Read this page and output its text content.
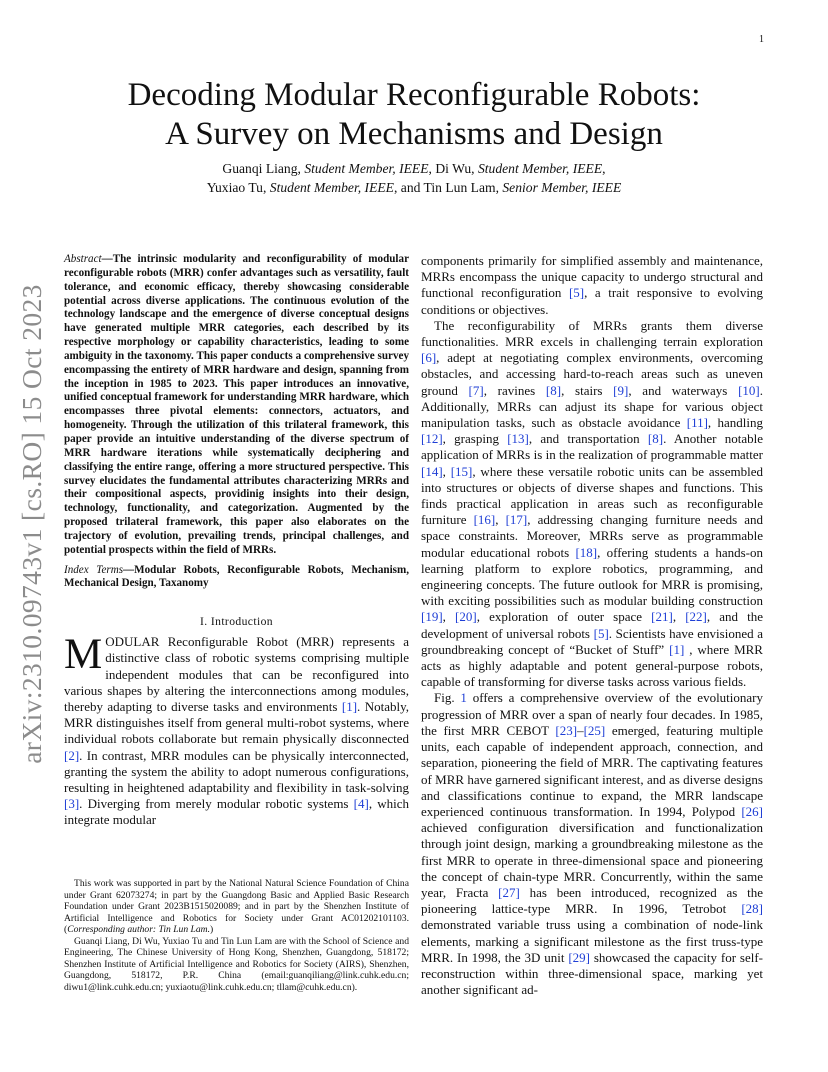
1
arXiv:2310.09743v1 [cs.RO] 15 Oct 2023
Decoding Modular Reconfigurable Robots:
A Survey on Mechanisms and Design
Guanqi Liang, Student Member, IEEE, Di Wu, Student Member, IEEE,
Yuxiao Tu, Student Member, IEEE, and Tin Lun Lam, Senior Member, IEEE

Abstract—The intrinsic modularity and reconfigurability of modular reconfigurable robots (MRR) confer advantages such as versatility, fault tolerance, and economic efficacy, thereby showcasing considerable potential across diverse applications. The continuous evolution of the technology landscape and the emergence of diverse conceptual designs have generated multiple MRR categories, each described by its respective morphology or capability characteristics, leading to some ambiguity in the taxonomy. This paper conducts a comprehensive survey encompassing the entirety of MRR hardware and design, spanning from the inception in 1985 to 2023. This paper introduces an innovative, unified conceptual framework for understanding MRR hardware, which encompasses three pivotal elements: connectors, actuators, and homogeneity. Through the utilization of this trilateral framework, this paper provide an intuitive understanding of the diverse spectrum of MRR hardware iterations while systematically deciphering and classifying the entire range, offering a more structured perspective. This survey elucidates the fundamental attributes characterizing MRRs and their compositional aspects, providinig insights into their design, technology, functionality, and categorization. Augmented by the proposed trilateral framework, this paper also elaborates on the trajectory of evolution, prevailing trends, principal challenges, and potential prospects within the field of MRRs.

Index Terms—Modular Robots, Reconfigurable Robots, Mechanism, Mechanical Design, Taxanomy

I. Introduction

MODULAR Reconfigurable Robot (MRR) represents a distinctive class of robotic systems comprising multiple independent modules that can be reconfigured into various shapes by altering the interconnections among modules, thereby adapting to diverse tasks and environments [1]. Notably, MRR distinguishes itself from general multi-robot systems, where individual robots collaborate but remain physically disconnected [2]. In contrast, MRR modules can be physically interconnected, granting the system the ability to adopt numerous configurations, resulting in heightened adaptability and flexibility in task-solving [3]. Diverging from merely modular robotic systems [4], which integrate modular

This work was supported in part by the National Natural Science Foundation of China under Grant 62073274; in part by the Guangdong Basic and Applied Basic Research Foundation under Grant 2023B1515020089; and in part by the Shenzhen Institute of Artificial Intelligence and Robotics for Society under Grant AC01202101103. (Corresponding author: Tin Lun Lam.)

Guanqi Liang, Di Wu, Yuxiao Tu and Tin Lun Lam are with the School of Science and Engineering, The Chinese University of Hong Kong, Shenzhen, Guangdong, 518172; Shenzhen Institute of Artificial Intelligence and Robotics for Society (AIRS), Shenzhen, Guangdong, 518172, P.R. China (email:guanqiliang@link.cuhk.edu.cn; diwu1@link.cuhk.edu.cn; yuxiaotu@link.cuhk.edu.cn; tllam@cuhk.edu.cn).

components primarily for simplified assembly and maintenance, MRRs encompass the unique capacity to undergo structural and functional reconfiguration [5], a trait responsive to evolving conditions or objectives.

The reconfigurability of MRRs grants them diverse functionalities. MRR excels in challenging terrain exploration [6], adept at negotiating complex environments, overcoming obstacles, and accessing hard-to-reach areas such as uneven ground [7], ravines [8], stairs [9], and waterways [10]. Additionally, MRRs can adjust its shape for various object manipulation tasks, such as obstacle avoidance [11], handling [12], grasping [13], and transportation [8]. Another notable application of MRRs is in the realization of programmable matter [14], [15], where these versatile robotic units can be assembled into structures or objects of diverse shapes and functions. This finds practical application in areas such as reconfigurable furniture [16], [17], addressing changing furniture needs and space constraints. Moreover, MRRs serve as programmable modular educational robots [18], offering students a hands-on learning platform to explore robotics, programming, and engineering concepts. The future outlook for MRR is promising, with exciting possibilities such as modular building construction [19], [20], exploration of outer space [21], [22], and the development of universal robots [5]. Scientists have envisioned a groundbreaking concept of “Bucket of Stuff” [1] , where MRR acts as highly adaptable and potent general-purpose robots, capable of transforming for diverse tasks across various fields.

Fig. 1 offers a comprehensive overview of the evolutionary progression of MRR over a span of nearly four decades. In 1985, the first MRR CEBOT [23]–[25] emerged, featuring multiple units, each capable of independent approach, connection, and separation, pioneering the field of MRR. The captivating features of MRR have garnered significant interest, and as diverse designs and classifications continue to expand, the MRR landscape experienced continuous transformation. In 1994, Polypod [26] achieved configuration diversification and functionalization through joint design, marking a groundbreaking milestone as the first MRR to operate in three-dimensional space and pioneering the concept of chain-type MRR. Concurrently, within the same year, Fracta [27] has been introduced, recognized as the pioneering lattice-type MRR. In 1996, Tetrobot [28] demonstrated variable truss using a combination of node-link elements, marking a significant milestone as the first truss-type MRR. In 1998, the 3D unit [29] showcased the capacity for self-reconstruction within three-dimensional space, marking yet another significant ad-
